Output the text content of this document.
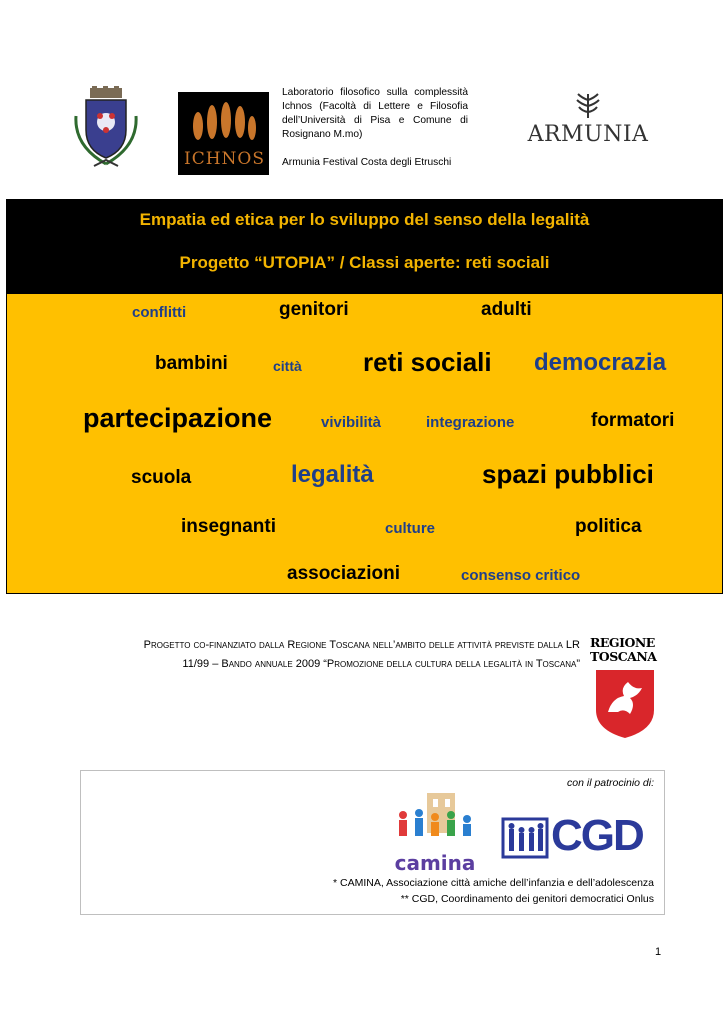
ICHNOS
Laboratorio filosofico sulla complessità Ichnos (Facoltà di Lettere e Filosofia dell’Università di Pisa e Comune di Rosignano M.mo)
Armunia Festival Costa degli Etruschi
ARMUNIA
Empatia ed etica per lo sviluppo del senso della legalità
Progetto “UTOPIA” / Classi aperte: reti sociali
conflitti	genitori	adulti
bambini	città reti sociali democrazia
partecipazione	vivibilità	integrazione	formatori
scuola	legalità	spazi pubblici
insegnanti	culture	politica
associazioni	consenso critico
Progetto co-finanziato dalla Regione Toscana nell’ambito delle attività previste dalla LR
11/99 – Bando annuale 2009 “Promozione della cultura della legalità in Toscana”
REGIONE
TOSCANA
con il patrocinio di:
camina
CGD
* CAMINA, Associazione città amiche dell’infanzia e dell’adolescenza
** CGD, Coordinamento dei genitori democratici Onlus
1
